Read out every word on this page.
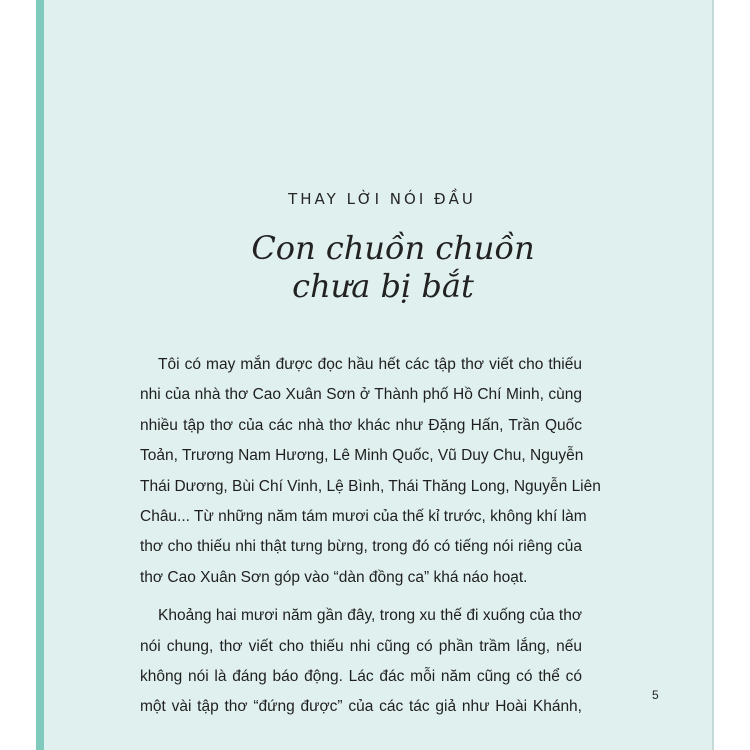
THAY LỜI NÓI ĐẦU
Con chuồn chuồn
chưa bị bắt
Tôi có may mắn được đọc hầu hết các tập thơ viết cho thiếu
nhi của nhà thơ Cao Xuân Sơn ở Thành phố Hồ Chí Minh, cùng
nhiều tập thơ của các nhà thơ khác như Đặng Hấn, Trần Quốc
Toản, Trương Nam Hương, Lê Minh Quốc, Vũ Duy Chu, Nguyễn
Thái Dương, Bùi Chí Vinh, Lệ Bình, Thái Thăng Long, Nguyễn Liên
Châu... Từ những năm tám mươi của thế kỉ trước, không khí làm
thơ cho thiếu nhi thật tưng bừng, trong đó có tiếng nói riêng của
thơ Cao Xuân Sơn góp vào “dàn đồng ca” khá náo hoạt.
Khoảng hai mươi năm gần đây, trong xu thế đi xuống của thơ
nói chung, thơ viết cho thiếu nhi cũng có phần trầm lắng, nếu
không nói là đáng báo động. Lác đác mỗi năm cũng có thể có
một vài tập thơ “đứng được” của các tác giả như Hoài Khánh,
5
